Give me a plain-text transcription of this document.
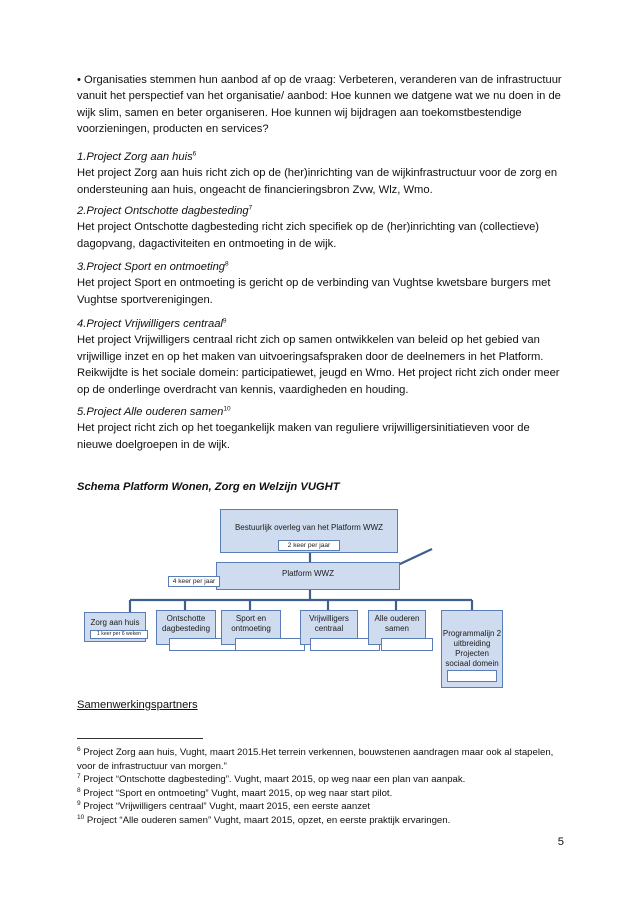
• Organisaties stemmen hun aanbod af op de vraag: Verbeteren, veranderen van de infrastructuur vanuit het perspectief van het organisatie/ aanbod: Hoe kunnen we datgene wat we nu doen in de wijk slim, samen en beter organiseren. Hoe kunnen wij bijdragen aan toekomstbestendige voorzieningen, producten en services?

1.Project Zorg aan huis$^6$

Het project Zorg aan huis richt zich op de (her)inrichting van de wijkinfrastructuur voor de zorg en ondersteuning aan huis, ongeacht de financieringsbron Zvw, Wlz, Wmo.

2.Project Ontschotte dagbesteding$^7$

Het project Ontschotte dagbesteding richt zich specifiek op de (her)inrichting van (collectieve) dagopvang, dagactiviteiten en ontmoeting in de wijk.

3.Project Sport en ontmoeting$^8$

Het project Sport en ontmoeting is gericht op de verbinding van Vughtse kwetsbare burgers met Vughtse sportverenigingen.

4.Project Vrijwilligers centraal$^9$

Het project Vrijwilligers centraal richt zich op samen ontwikkelen van beleid op het gebied van vrijwillige inzet en op het maken van uitvoeringsafspraken door de deelnemers in het Platform. Reikwijdte is het sociale domein: participatiewet, jeugd en Wmo. Het project richt zich onder meer op de onderlinge overdracht van kennis, vaardigheden en houding.

5.Project Alle ouderen samen$^{10}$

Het project richt zich op het toegankelijk maken van reguliere vrijwilligersinitiatieven voor de nieuwe doelgroepen in de wijk.

Schema Platform Wonen, Zorg en Welzijn VUGHT
Bestuurlijk overleg van het Platform WWZ
2 keer per jaar
Platform WWZ
4 keer per jaar
Zorg aan huis
1 keer per 6 weken
Ontschotte dagbesteding
Sport en ontmoeting
Vrijwilligers centraal
Alle ouderen samen
Programmalijn 2 uitbreiding Projecten sociaal domein
Samenwerkingspartners
$^6$ Project Zorg aan huis, Vught, maart 2015.Het terrein verkennen, bouwstenen aandragen maar ook al stapelen, voor de infrastructuur van morgen.”
$^7$ Project “Ontschotte dagbesteding”. Vught, maart 2015, op weg naar een plan van aanpak.
$^8$ Project “Sport en ontmoeting” Vught, maart 2015, op weg naar start pilot.
$^9$ Project “Vrijwilligers centraal” Vught, maart 2015, een eerste aanzet
$^{10}$ Project “Alle ouderen samen” Vught, maart 2015, opzet, en eerste praktijk ervaringen.
5
